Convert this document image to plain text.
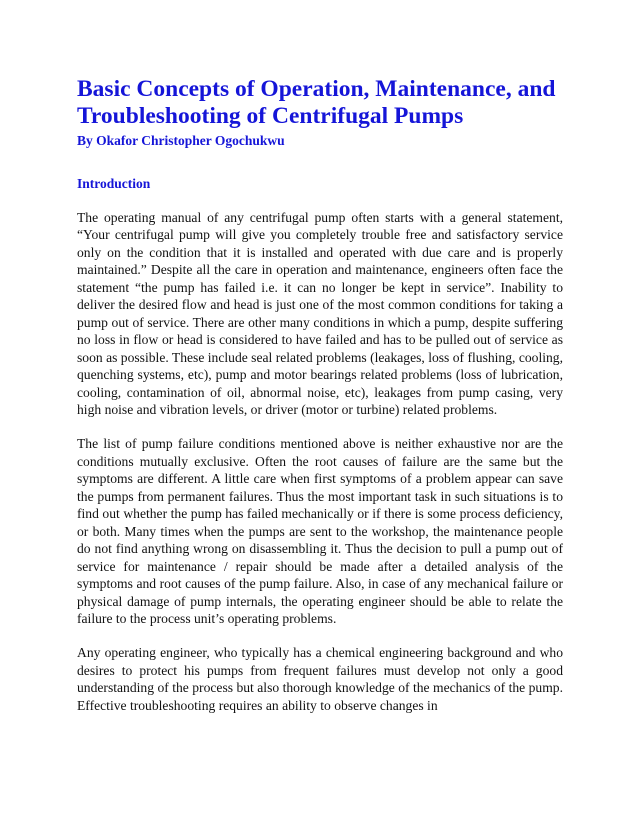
Basic Concepts of Operation, Maintenance, and Troubleshooting of Centrifugal Pumps
By Okafor Christopher Ogochukwu
Introduction

The operating manual of any centrifugal pump often starts with a general statement, “Your centrifugal pump will give you completely trouble free and satisfactory service only on the condition that it is installed and operated with due care and is properly maintained.” Despite all the care in operation and maintenance, engineers often face the statement “the pump has failed i.e. it can no longer be kept in service”. Inability to deliver the desired flow and head is just one of the most common conditions for taking a pump out of service. There are other many conditions in which a pump, despite suffering no loss in flow or head is considered to have failed and has to be pulled out of service as soon as possible. These include seal related problems (leakages, loss of flushing, cooling, quenching systems, etc), pump and motor bearings related problems (loss of lubrication, cooling, contamination of oil, abnormal noise, etc), leakages from pump casing, very high noise and vibration levels, or driver (motor or turbine) related problems.

The list of pump failure conditions mentioned above is neither exhaustive nor are the conditions mutually exclusive. Often the root causes of failure are the same but the symptoms are different. A little care when first symptoms of a problem appear can save the pumps from permanent failures. Thus the most important task in such situations is to find out whether the pump has failed mechanically or if there is some process deficiency, or both. Many times when the pumps are sent to the workshop, the maintenance people do not find anything wrong on disassembling it. Thus the decision to pull a pump out of service for maintenance / repair should be made after a detailed analysis of the symptoms and root causes of the pump failure. Also, in case of any mechanical failure or physical damage of pump internals, the operating engineer should be able to relate the failure to the process unit’s operating problems.

Any operating engineer, who typically has a chemical engineering background and who desires to protect his pumps from frequent failures must develop not only a good understanding of the process but also thorough knowledge of the mechanics of the pump. Effective troubleshooting requires an ability to observe changes in
